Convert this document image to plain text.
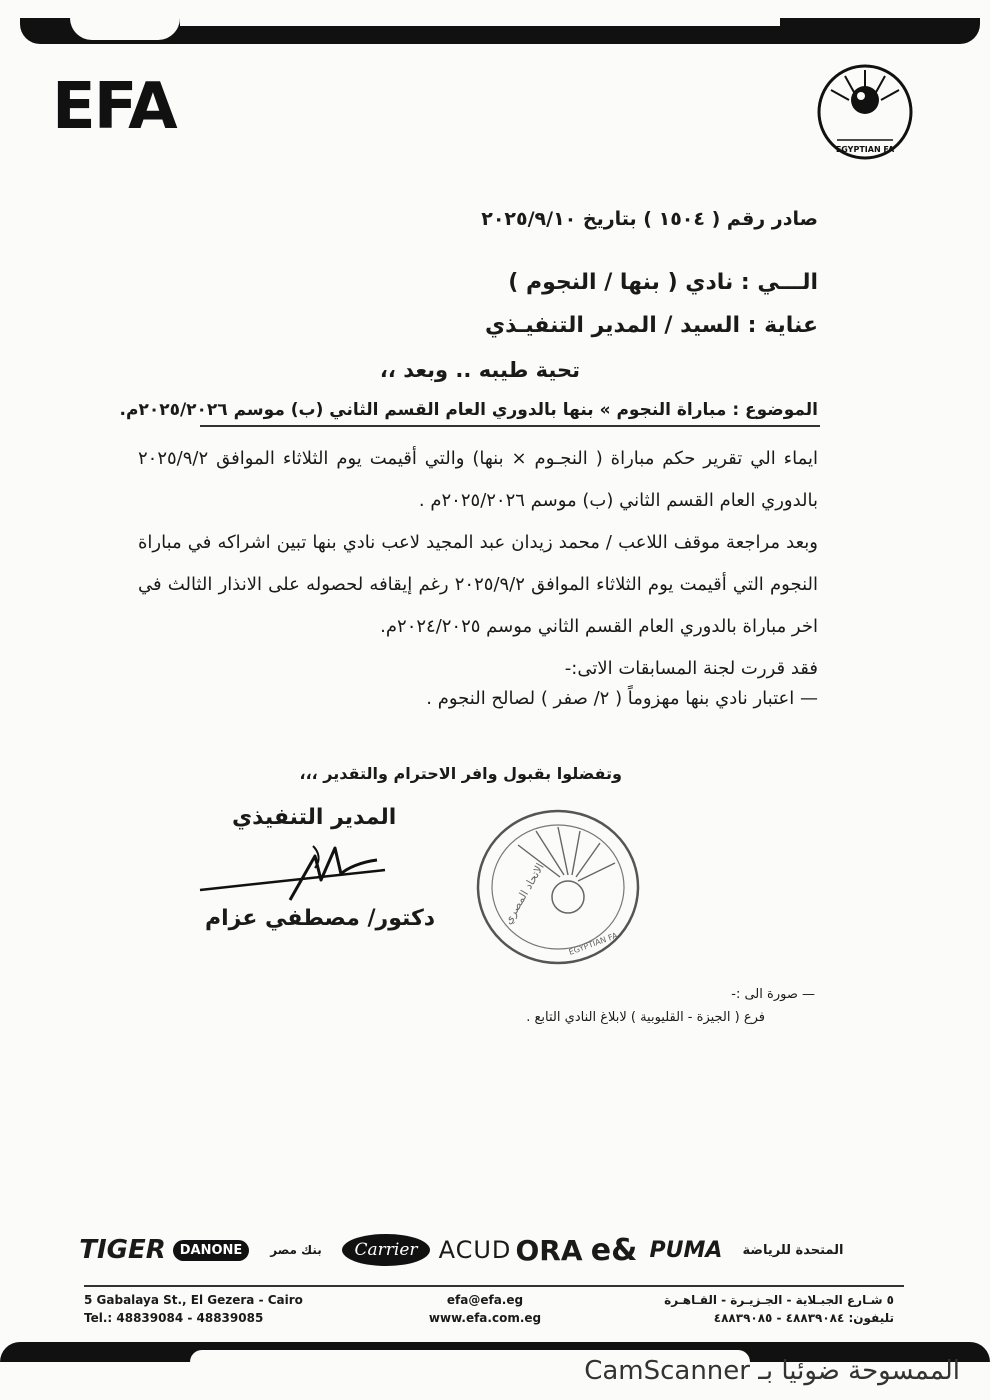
EFA
EGYPTIAN FA
صادر رقم ( ١٥٠٤ ) بتاريخ ٢٠٢٥/٩/١٠
الـــي : نادي ( بنها / النجوم )
عناية : السيد / المدير التنفيـذي
تحية طيبه .. وبعد ،،
الموضوع : مباراة النجوم » بنها بالدوري العام القسم الثاني (ب) موسم ٢٠٢٥/٢٠٢٦م.

ايماء الي تقرير حكم مباراة ( النجـوم × بنها) والتي أقيمت يوم الثلاثاء الموافق ٢٠٢٥/٩/٢ بالدوري العام القسم الثاني (ب) موسم ٢٠٢٥/٢٠٢٦م .

وبعد مراجعة موقف اللاعب / محمد زيدان عبد المجيد لاعب نادي بنها تبين اشراكه في مباراة النجوم التي أقيمت يوم الثلاثاء الموافق ٢٠٢٥/٩/٢ رغم إيقافه لحصوله على الانذار الثالث في اخر مباراة بالدوري العام القسم الثاني موسم ٢٠٢٤/٢٠٢٥م.

فقد قررت لجنة المسابقات الاتى:-

— اعتبار نادي بنها مهزوماً ( ٢/ صفر ) لصالح النجوم .
وتفضلوا بقبول وافر الاحترام والتقدير ،،،
المدير التنفيذي
دكتور/ مصطفي عزام	الاتحاد المصري
EGYPTIAN FA
— صورة الى :-
فرع ( الجيزة - القليوبية ) لابلاغ النادي التابع .
TIGER	DANONE	بنك مصر	Carrier ACUD ORA e& PUMA المتحدة للرياضة
5 Gabalaya St., El Gezera - Cairo
Tel.: 48839084 - 48839085
efa@efa.eg
www.efa.com.eg
٥ شـارع الجبـلاية - الجـزيـرة - القـاهـرة
تليفون: ٤٨٨٣٩٠٨٤ - ٤٨٨٣٩٠٨٥
الممسوحة ضوئيا بـ CamScanner
